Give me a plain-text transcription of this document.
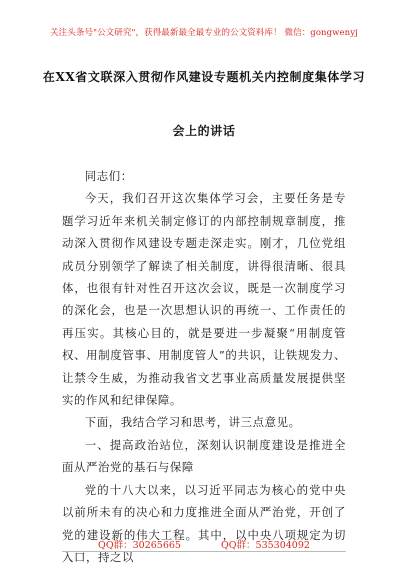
关注头条号"公文研究"，获得最新最全最专业的公文资料库！ 微信：gongwenyj
在XX省文联深入贯彻作风建设专题机关内控制度集体学习
会上的讲话

同志们：

今天，我们召开这次集体学习会，主要任务是专题学习近年来机关制定修订的内部控制规章制度，推动深入贯彻作风建设专题走深走实。刚才，几位党组成员分别领学了解读了相关制度，讲得很清晰、很具体，也很有针对性召开这次会议，既是一次制度学习的深化会，也是一次思想认识的再统一、工作责任的再压实。其核心目的，就是要进一步凝聚“用制度管权、用制度管事、用制度管人”的共识，让铁规发力、让禁令生威，为推动我省文艺事业高质量发展提供坚实的作风和纪律保障。

下面，我结合学习和思考，讲三点意见。

一、提高政治站位，深刻认识制度建设是推进全面从严治党的基石与保障

党的十八大以来，以习近平同志为核心的党中央以前所未有的决心和力度推进全面从严治党，开创了党的建设新的伟大工程。其中，以中央八项规定为切入口，持之以

QQ群：30265665	QQ群：535304092
